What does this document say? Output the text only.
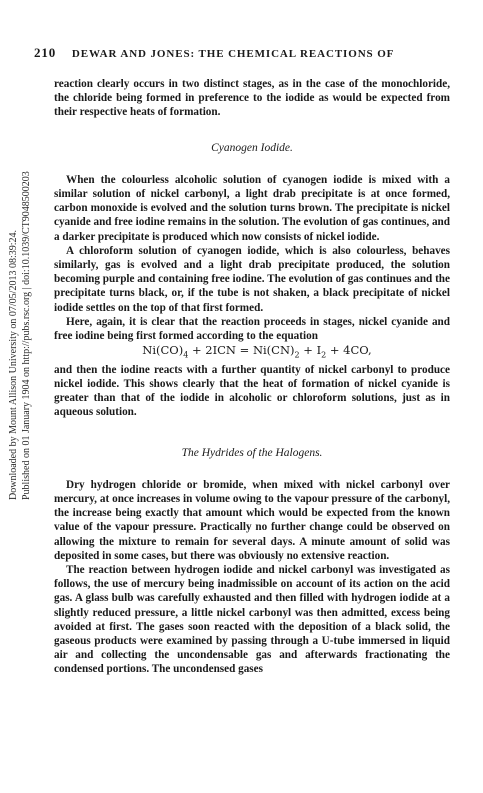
210 DEWAR AND JONES: THE CHEMICAL REACTIONS OF
Downloaded by Mount Allison University on 07/05/2013 08:39:24. Published on 01 January 1904 on http://pubs.rsc.org | doi:10.1039/CT9048500203

reaction clearly occurs in two distinct stages, as in the case of the monochloride, the chloride being formed in preference to the iodide as would be expected from their respective heats of formation.

Cyanogen Iodide.

When the colourless alcoholic solution of cyanogen iodide is mixed with a similar solution of nickel carbonyl, a light drab precipitate is at once formed, carbon monoxide is evolved and the solution turns brown. The precipitate is nickel cyanide and free iodine remains in the solution. The evolution of gas continues, and a darker precipitate is produced which now consists of nickel iodide.

A chloroform solution of cyanogen iodide, which is also colourless, behaves similarly, gas is evolved and a light drab precipitate produced, the solution becoming purple and containing free iodine. The evolution of gas continues and the precipitate turns black, or, if the tube is not shaken, a black precipitate of nickel iodide settles on the top of that first formed.

Here, again, it is clear that the reaction proceeds in stages, nickel cyanide and free iodine being first formed according to the equation

$Ni(CO)_4 + 2ICN = Ni(CN)_2 + I_2 + 4CO$,

and then the iodine reacts with a further quantity of nickel carbonyl to produce nickel iodide. This shows clearly that the heat of formation of nickel cyanide is greater than that of the iodide in alcoholic or chloroform solutions, just as in aqueous solution.

The Hydrides of the Halogens.

Dry hydrogen chloride or bromide, when mixed with nickel carbonyl over mercury, at once increases in volume owing to the vapour pressure of the carbonyl, the increase being exactly that amount which would be expected from the known value of the vapour pressure. Practically no further change could be observed on allowing the mixture to remain for several days. A minute amount of solid was deposited in some cases, but there was obviously no extensive reaction.

The reaction between hydrogen iodide and nickel carbonyl was investigated as follows, the use of mercury being inadmissible on account of its action on the acid gas. A glass bulb was carefully exhausted and then filled with hydrogen iodide at a slightly reduced pressure, a little nickel carbonyl was then admitted, excess being avoided at first. The gases soon reacted with the deposition of a black solid, the gaseous products were examined by passing through a U-tube immersed in liquid air and collecting the uncondensable gas and afterwards fractionating the condensed portions. The uncondensed gases
